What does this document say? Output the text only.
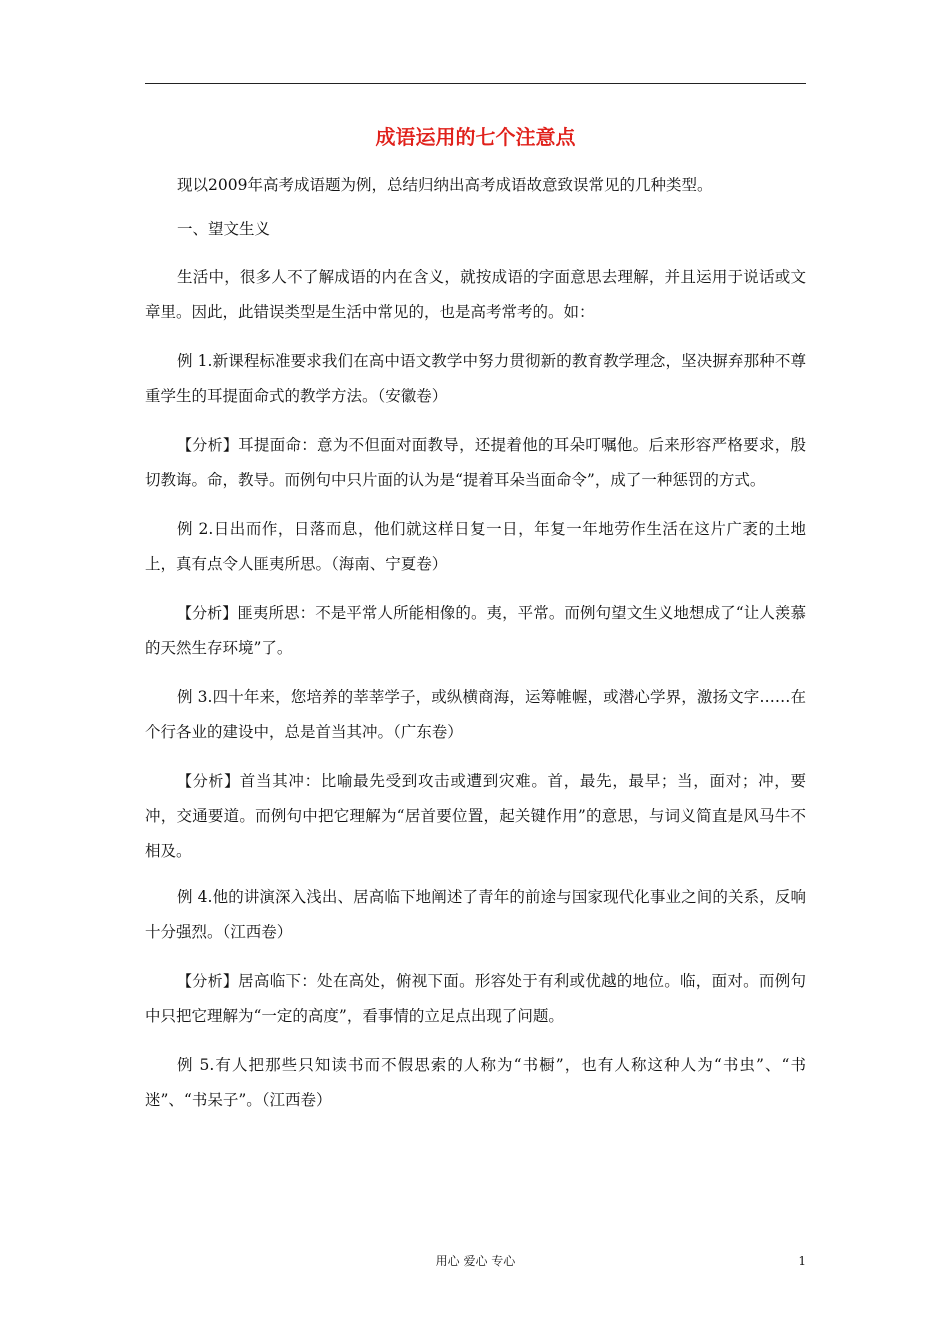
成语运用的七个注意点

现以2009年高考成语题为例，总结归纳出高考成语故意致误常见的几种类型。

一、望文生义

生活中，很多人不了解成语的内在含义，就按成语的字面意思去理解，并且运用于说话或文章里。因此，此错误类型是生活中常见的，也是高考常考的。如：

例 1.新课程标准要求我们在高中语文教学中努力贯彻新的教育教学理念，坚决摒弃那种不尊重学生的耳提面命式的教学方法。（安徽卷）

【分析】耳提面命：意为不但面对面教导，还提着他的耳朵叮嘱他。后来形容严格要求，殷切教诲。命，教导。而例句中只片面的认为是“提着耳朵当面命令”，成了一种惩罚的方式。

例 2.日出而作，日落而息，他们就这样日复一日，年复一年地劳作生活在这片广袤的土地上，真有点令人匪夷所思。（海南、宁夏卷）

【分析】匪夷所思：不是平常人所能相像的。夷，平常。而例句望文生义地想成了“让人羡慕的天然生存环境”了。

例 3.四十年来，您培养的莘莘学子，或纵横商海，运筹帷幄，或潜心学界，激扬文字……在个行各业的建设中，总是首当其冲。（广东卷）

【分析】首当其冲：比喻最先受到攻击或遭到灾难。首，最先，最早；当，面对；冲，要冲，交通要道。而例句中把它理解为“居首要位置，起关键作用”的意思，与词义简直是风马牛不相及。

例 4.他的讲演深入浅出、居高临下地阐述了青年的前途与国家现代化事业之间的关系，反响十分强烈。（江西卷）

【分析】居高临下：处在高处，俯视下面。形容处于有利或优越的地位。临，面对。而例句中只把它理解为“一定的高度”，看事情的立足点出现了问题。

例 5.有人把那些只知读书而不假思索的人称为“书橱”，也有人称这种人为“书虫”、“书迷”、“书呆子”。（江西卷）

用心 爱心 专心	1
